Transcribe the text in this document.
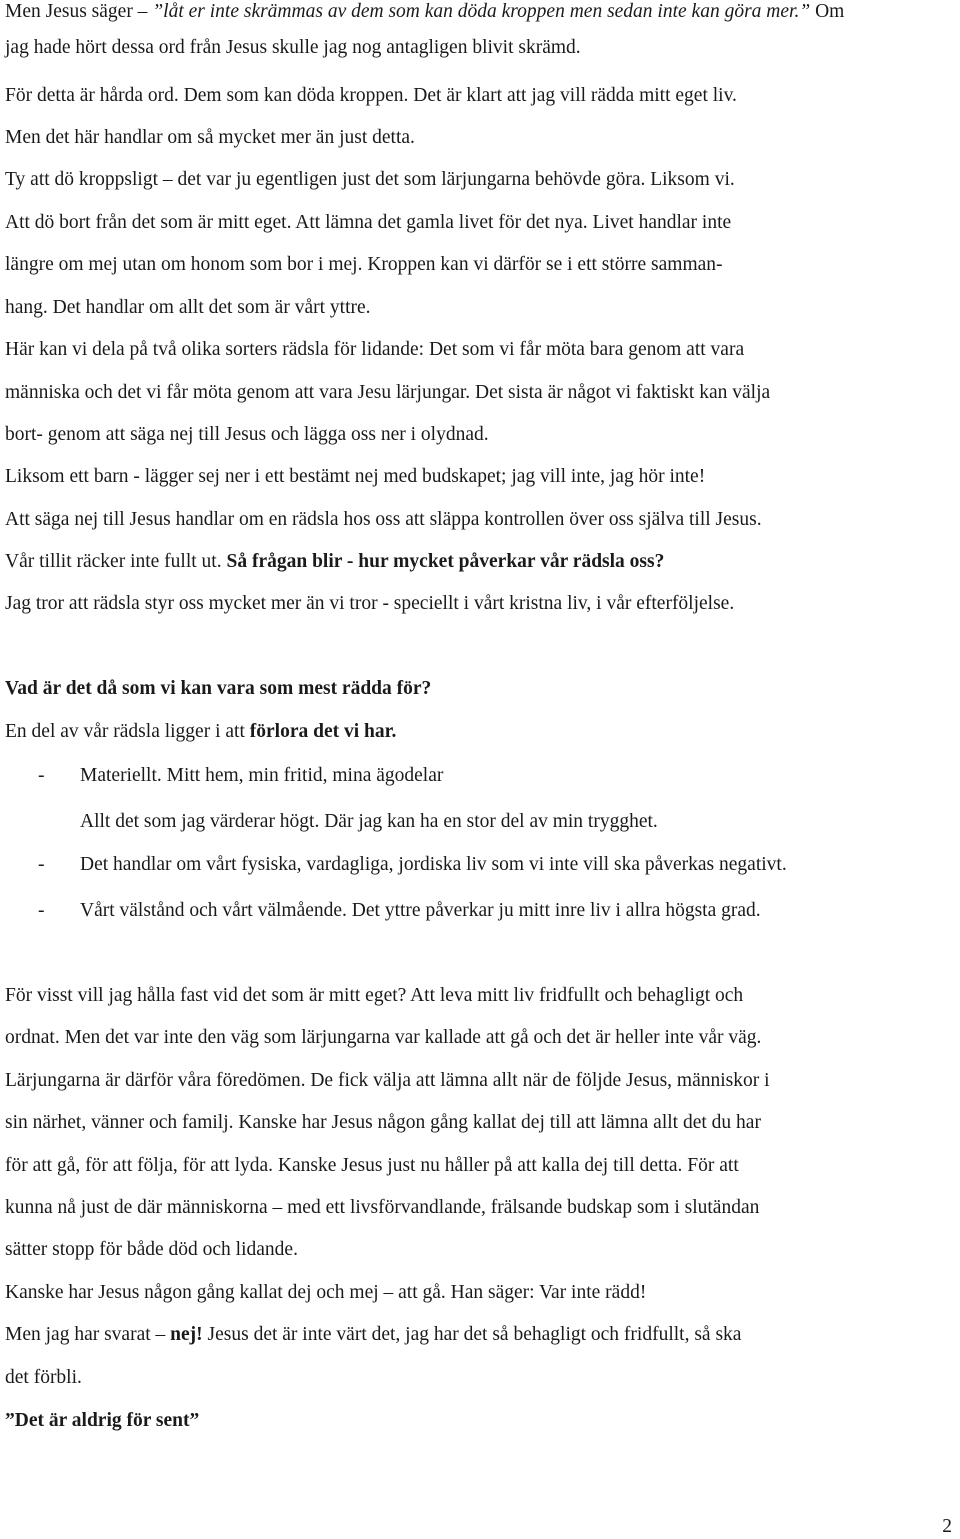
Men Jesus säger – ”låt er inte skrämmas av dem som kan döda kroppen men sedan inte kan göra mer.” Om
jag hade hört dessa ord från Jesus skulle jag nog antagligen blivit skrämd.
För detta är hårda ord. Dem som kan döda kroppen. Det är klart att jag vill rädda mitt eget liv.
Men det här handlar om så mycket mer än just detta.
Ty att dö kroppsligt – det var ju egentligen just det som lärjungarna behövde göra. Liksom vi.
Att dö bort från det som är mitt eget. Att lämna det gamla livet för det nya. Livet handlar inte
längre om mej utan om honom som bor i mej. Kroppen kan vi därför se i ett större samman-
hang. Det handlar om allt det som är vårt yttre.
Här kan vi dela på två olika sorters rädsla för lidande: Det som vi får möta bara genom att vara
människa och det vi får möta genom att vara Jesu lärjungar. Det sista är något vi faktiskt kan välja
bort- genom att säga nej till Jesus och lägga oss ner i olydnad.
Liksom ett barn - lägger sej ner i ett bestämt nej med budskapet; jag vill inte, jag hör inte!
Att säga nej till Jesus handlar om en rädsla hos oss att släppa kontrollen över oss själva till Jesus.
Vår tillit räcker inte fullt ut. Så frågan blir - hur mycket påverkar vår rädsla oss?
Jag tror att rädsla styr oss mycket mer än vi tror - speciellt i vårt kristna liv, i vår efterföljelse.
Vad är det då som vi kan vara som mest rädda för?
En del av vår rädsla ligger i att förlora det vi har.
- Materiellt. Mitt hem, min fritid, mina ägodelar
Allt det som jag värderar högt. Där jag kan ha en stor del av min trygghet.
- Det handlar om vårt fysiska, vardagliga, jordiska liv som vi inte vill ska påverkas negativt.
- Vårt välstånd och vårt välmående. Det yttre påverkar ju mitt inre liv i allra högsta grad.
För visst vill jag hålla fast vid det som är mitt eget? Att leva mitt liv fridfullt och behagligt och
ordnat. Men det var inte den väg som lärjungarna var kallade att gå och det är heller inte vår väg.
Lärjungarna är därför våra föredömen. De fick välja att lämna allt när de följde Jesus, människor i
sin närhet, vänner och familj. Kanske har Jesus någon gång kallat dej till att lämna allt det du har
för att gå, för att följa, för att lyda. Kanske Jesus just nu håller på att kalla dej till detta. För att
kunna nå just de där människorna – med ett livsförvandlande, frälsande budskap som i slutändan
sätter stopp för både död och lidande.
Kanske har Jesus någon gång kallat dej och mej – att gå. Han säger: Var inte rädd!
Men jag har svarat – nej! Jesus det är inte värt det, jag har det så behagligt och fridfullt, så ska
det förbli.
”Det är aldrig för sent”
2
